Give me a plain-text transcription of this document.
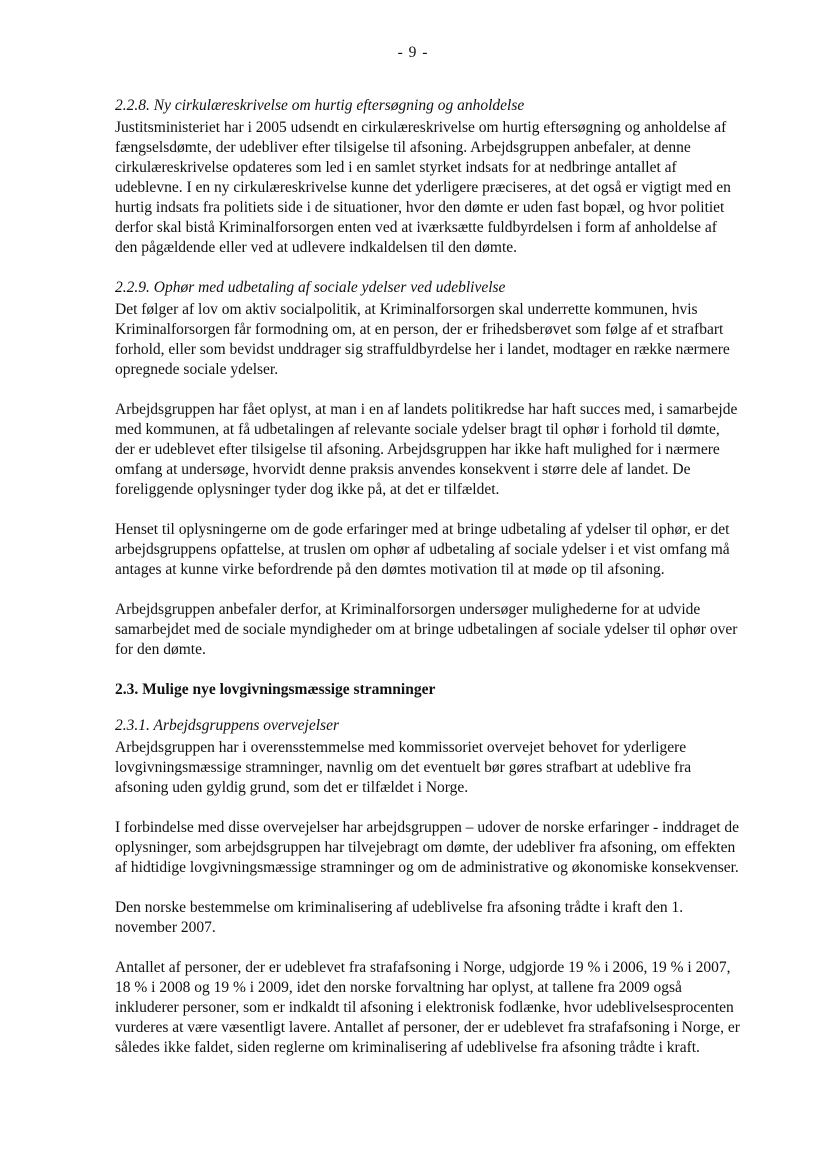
- 9 -
2.2.8. Ny cirkulæreskrivelse om hurtig eftersøgning og anholdelse

Justitsministeriet har i 2005 udsendt en cirkulæreskrivelse om hurtig eftersøgning og anholdelse af fængselsdømte, der udebliver efter tilsigelse til afsoning. Arbejdsgruppen anbefaler, at denne cirkulæreskrivelse opdateres som led i en samlet styrket indsats for at nedbringe antallet af udeblevne. I en ny cirkulæreskrivelse kunne det yderligere præciseres, at det også er vigtigt med en hurtig indsats fra politiets side i de situationer, hvor den dømte er uden fast bopæl, og hvor politiet derfor skal bistå Kriminalforsorgen enten ved at iværksætte fuldbyrdelsen i form af anholdelse af den pågældende eller ved at udlevere indkaldelsen til den dømte.

2.2.9. Ophør med udbetaling af sociale ydelser ved udeblivelse

Det følger af lov om aktiv socialpolitik, at Kriminalforsorgen skal underrette kommunen, hvis Kriminalforsorgen får formodning om, at en person, der er frihedsberøvet som følge af et strafbart forhold, eller som bevidst unddrager sig straffuldbyrdelse her i landet, modtager en række nærmere opregnede sociale ydelser.

Arbejdsgruppen har fået oplyst, at man i en af landets politikredse har haft succes med, i samarbejde med kommunen, at få udbetalingen af relevante sociale ydelser bragt til ophør i forhold til dømte, der er udeblevet efter tilsigelse til afsoning. Arbejdsgruppen har ikke haft mulighed for i nærmere omfang at undersøge, hvorvidt denne praksis anvendes konsekvent i større dele af landet. De foreliggende oplysninger tyder dog ikke på, at det er tilfældet.

Henset til oplysningerne om de gode erfaringer med at bringe udbetaling af ydelser til ophør, er det arbejdsgruppens opfattelse, at truslen om ophør af udbetaling af sociale ydelser i et vist omfang må antages at kunne virke befordrende på den dømtes motivation til at møde op til afsoning.

Arbejdsgruppen anbefaler derfor, at Kriminalforsorgen undersøger mulighederne for at udvide samarbejdet med de sociale myndigheder om at bringe udbetalingen af sociale ydelser til ophør over for den dømte.

2.3. Mulige nye lovgivningsmæssige stramninger
2.3.1. Arbejdsgruppens overvejelser

Arbejdsgruppen har i overensstemmelse med kommissoriet overvejet behovet for yderligere lovgivningsmæssige stramninger, navnlig om det eventuelt bør gøres strafbart at udeblive fra afsoning uden gyldig grund, som det er tilfældet i Norge.

I forbindelse med disse overvejelser har arbejdsgruppen – udover de norske erfaringer - inddraget de oplysninger, som arbejdsgruppen har tilvejebragt om dømte, der udebliver fra afsoning, om effekten af hidtidige lovgivningsmæssige stramninger og om de administrative og økonomiske konsekvenser.

Den norske bestemmelse om kriminalisering af udeblivelse fra afsoning trådte i kraft den 1. november 2007.

Antallet af personer, der er udeblevet fra strafafsoning i Norge, udgjorde 19 % i 2006, 19 % i 2007, 18 % i 2008 og 19 % i 2009, idet den norske forvaltning har oplyst, at tallene fra 2009 også inkluderer personer, som er indkaldt til afsoning i elektronisk fodlænke, hvor udeblivelsesprocenten vurderes at være væsentligt lavere. Antallet af personer, der er udeblevet fra strafafsoning i Norge, er således ikke faldet, siden reglerne om kriminalisering af udeblivelse fra afsoning trådte i kraft.
